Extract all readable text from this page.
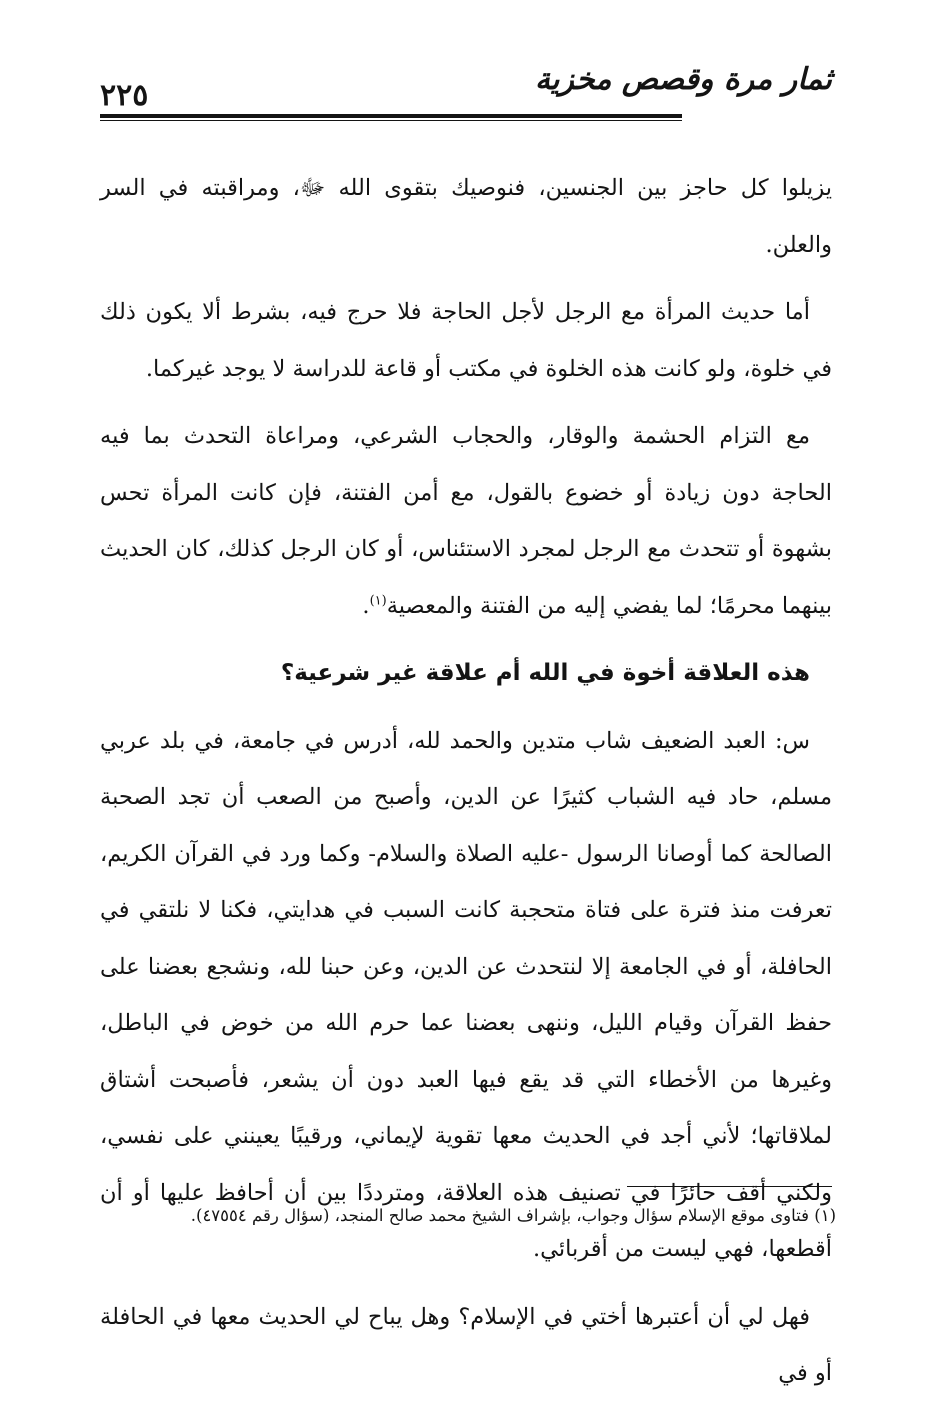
٢٢٥	ثمار مرة وقصص مخزية

يزيلوا كل حاجز بين الجنسين، فنوصيك بتقوى الله ﷻ، ومراقبته في السر والعلن.

أما حديث المرأة مع الرجل لأجل الحاجة فلا حرج فيه، بشرط ألا يكون ذلك في خلوة، ولو كانت هذه الخلوة في مكتب أو قاعة للدراسة لا يوجد غيركما.

مع التزام الحشمة والوقار، والحجاب الشرعي، ومراعاة التحدث بما فيه الحاجة دون زيادة أو خضوع بالقول، مع أمن الفتنة، فإن كانت المرأة تحس بشهوة أو تتحدث مع الرجل لمجرد الاستئناس، أو كان الرجل كذلك، كان الحديث بينهما محرمًا؛ لما يفضي إليه من الفتنة والمعصية$^{(١)}$.

هذه العلاقة أخوة في الله أم علاقة غير شرعية؟

س: العبد الضعيف شاب متدين والحمد لله، أدرس في جامعة، في بلد عربي مسلم، حاد فيه الشباب كثيرًا عن الدين، وأصبح من الصعب أن تجد الصحبة الصالحة كما أوصانا الرسول -عليه الصلاة والسلام- وكما ورد في القرآن الكريم، تعرفت منذ فترة على فتاة متحجبة كانت السبب في هدايتي، فكنا لا نلتقي في الحافلة، أو في الجامعة إلا لنتحدث عن الدين، وعن حبنا لله، ونشجع بعضنا على حفظ القرآن وقيام الليل، وننهى بعضنا عما حرم الله من خوض في الباطل، وغيرها من الأخطاء التي قد يقع فيها العبد دون أن يشعر، فأصبحت أشتاق لملاقاتها؛ لأني أجد في الحديث معها تقوية لإيماني، ورقيبًا يعينني على نفسي، ولكني أقف حائرًا في تصنيف هذه العلاقة، ومترددًا بين أن أحافظ عليها أو أن أقطعها، فهي ليست من أقربائي.

فهل لي أن أعتبرها أختي في الإسلام؟ وهل يباح لي الحديث معها في الحافلة أو في

(١) فتاوى موقع الإسلام سؤال وجواب، بإشراف الشيخ محمد صالح المنجد، (سؤال رقم ٤٧٥٥٤).
